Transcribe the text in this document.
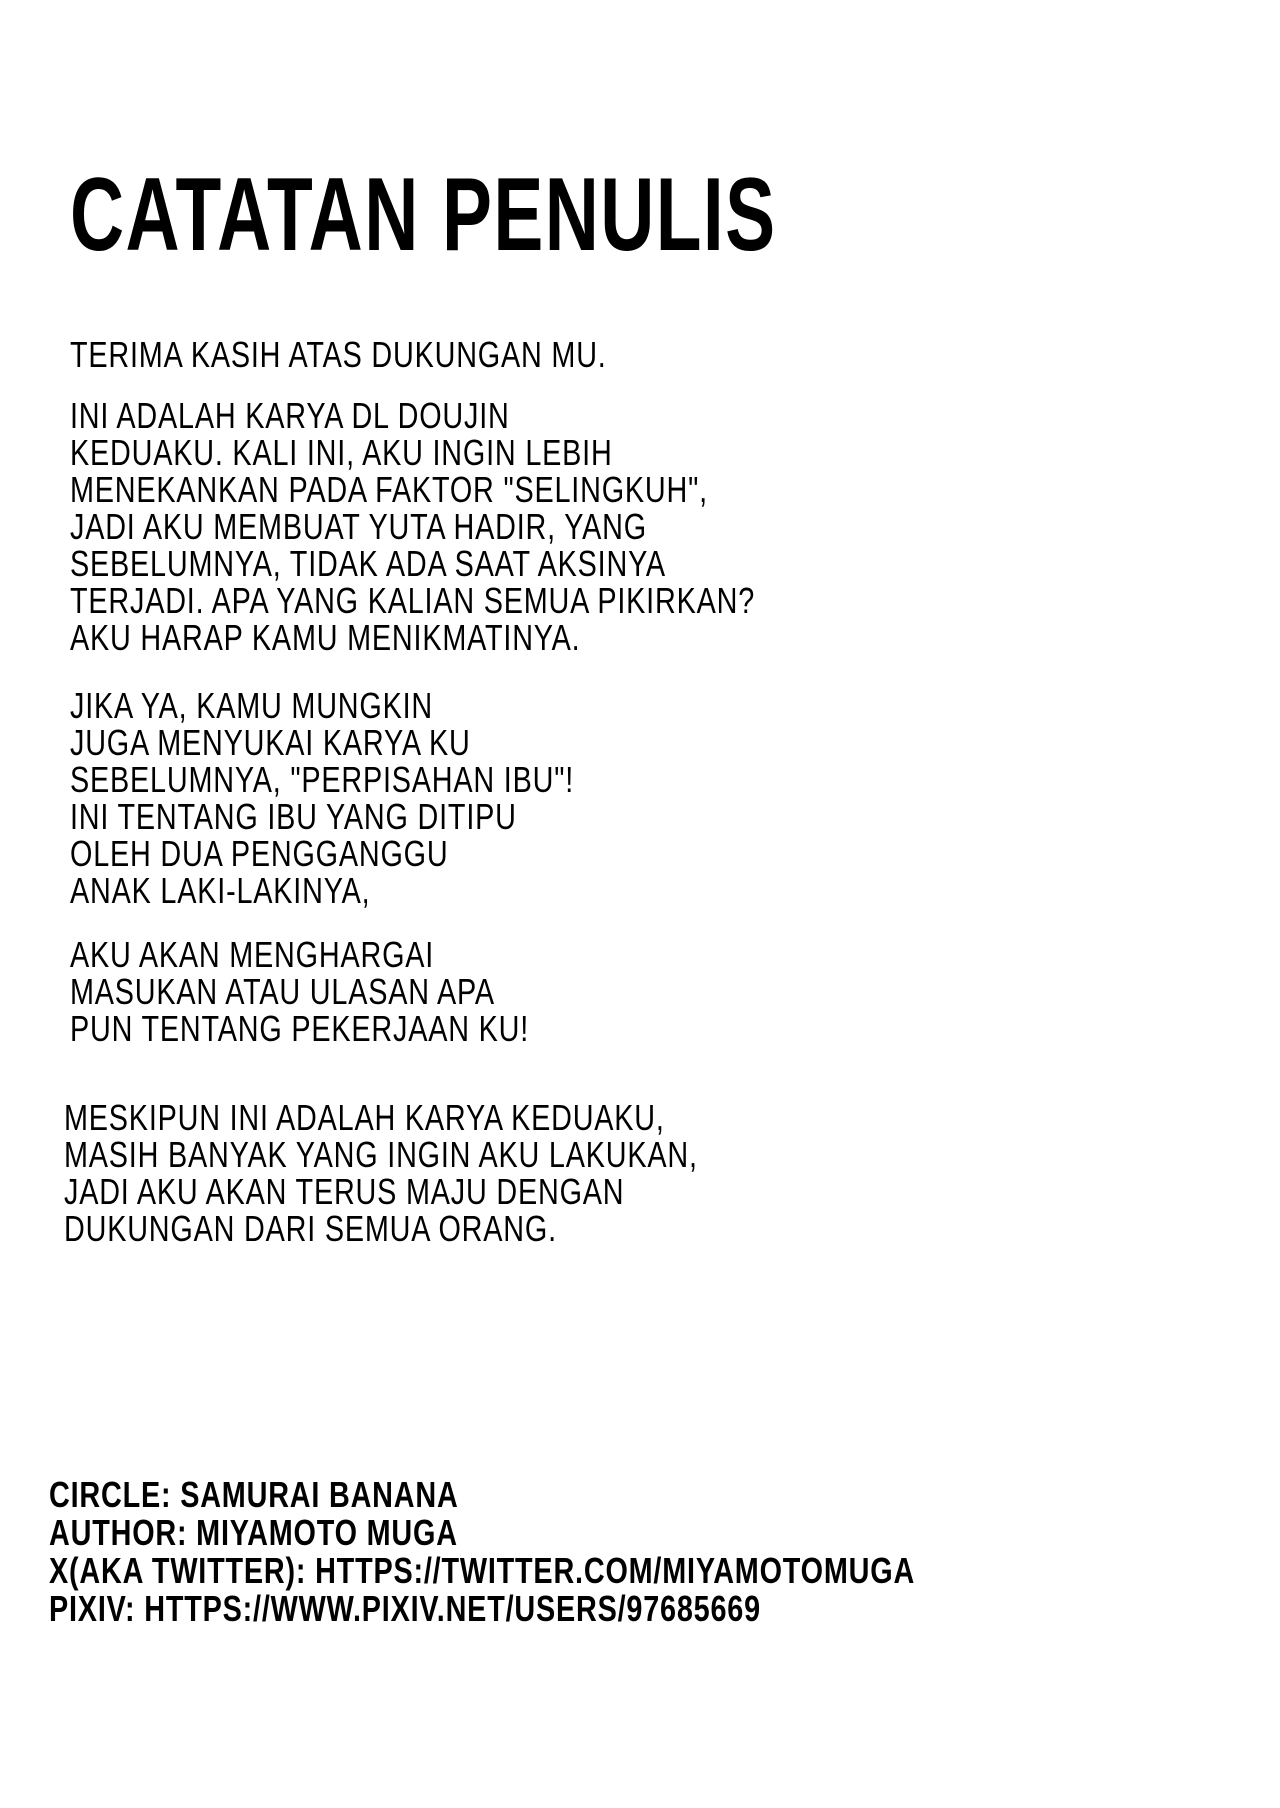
CATATAN PENULIS
TERIMA KASIH ATAS DUKUNGAN MU.
INI ADALAH KARYA DL DOUJIN
KEDUAKU. KALI INI, AKU INGIN LEBIH
MENEKANKAN PADA FAKTOR "SELINGKUH",
JADI AKU MEMBUAT YUTA HADIR, YANG
SEBELUMNYA, TIDAK ADA SAAT AKSINYA
TERJADI. APA YANG KALIAN SEMUA PIKIRKAN?
AKU HARAP KAMU MENIKMATINYA.
JIKA YA, KAMU MUNGKIN
JUGA MENYUKAI KARYA KU
SEBELUMNYA, "PERPISAHAN IBU"!
INI TENTANG IBU YANG DITIPU
OLEH DUA PENGGANGGU
ANAK LAKI-LAKINYA,
AKU AKAN MENGHARGAI
MASUKAN ATAU ULASAN APA
PUN TENTANG PEKERJAAN KU!
MESKIPUN INI ADALAH KARYA KEDUAKU,
MASIH BANYAK YANG INGIN AKU LAKUKAN,
JADI AKU AKAN TERUS MAJU DENGAN
DUKUNGAN DARI SEMUA ORANG.
CIRCLE: SAMURAI BANANA
AUTHOR: MIYAMOTO MUGA
X(AKA TWITTER): HTTPS://TWITTER.COM/MIYAMOTOMUGA
PIXIV: HTTPS://WWW.PIXIV.NET/USERS/97685669
